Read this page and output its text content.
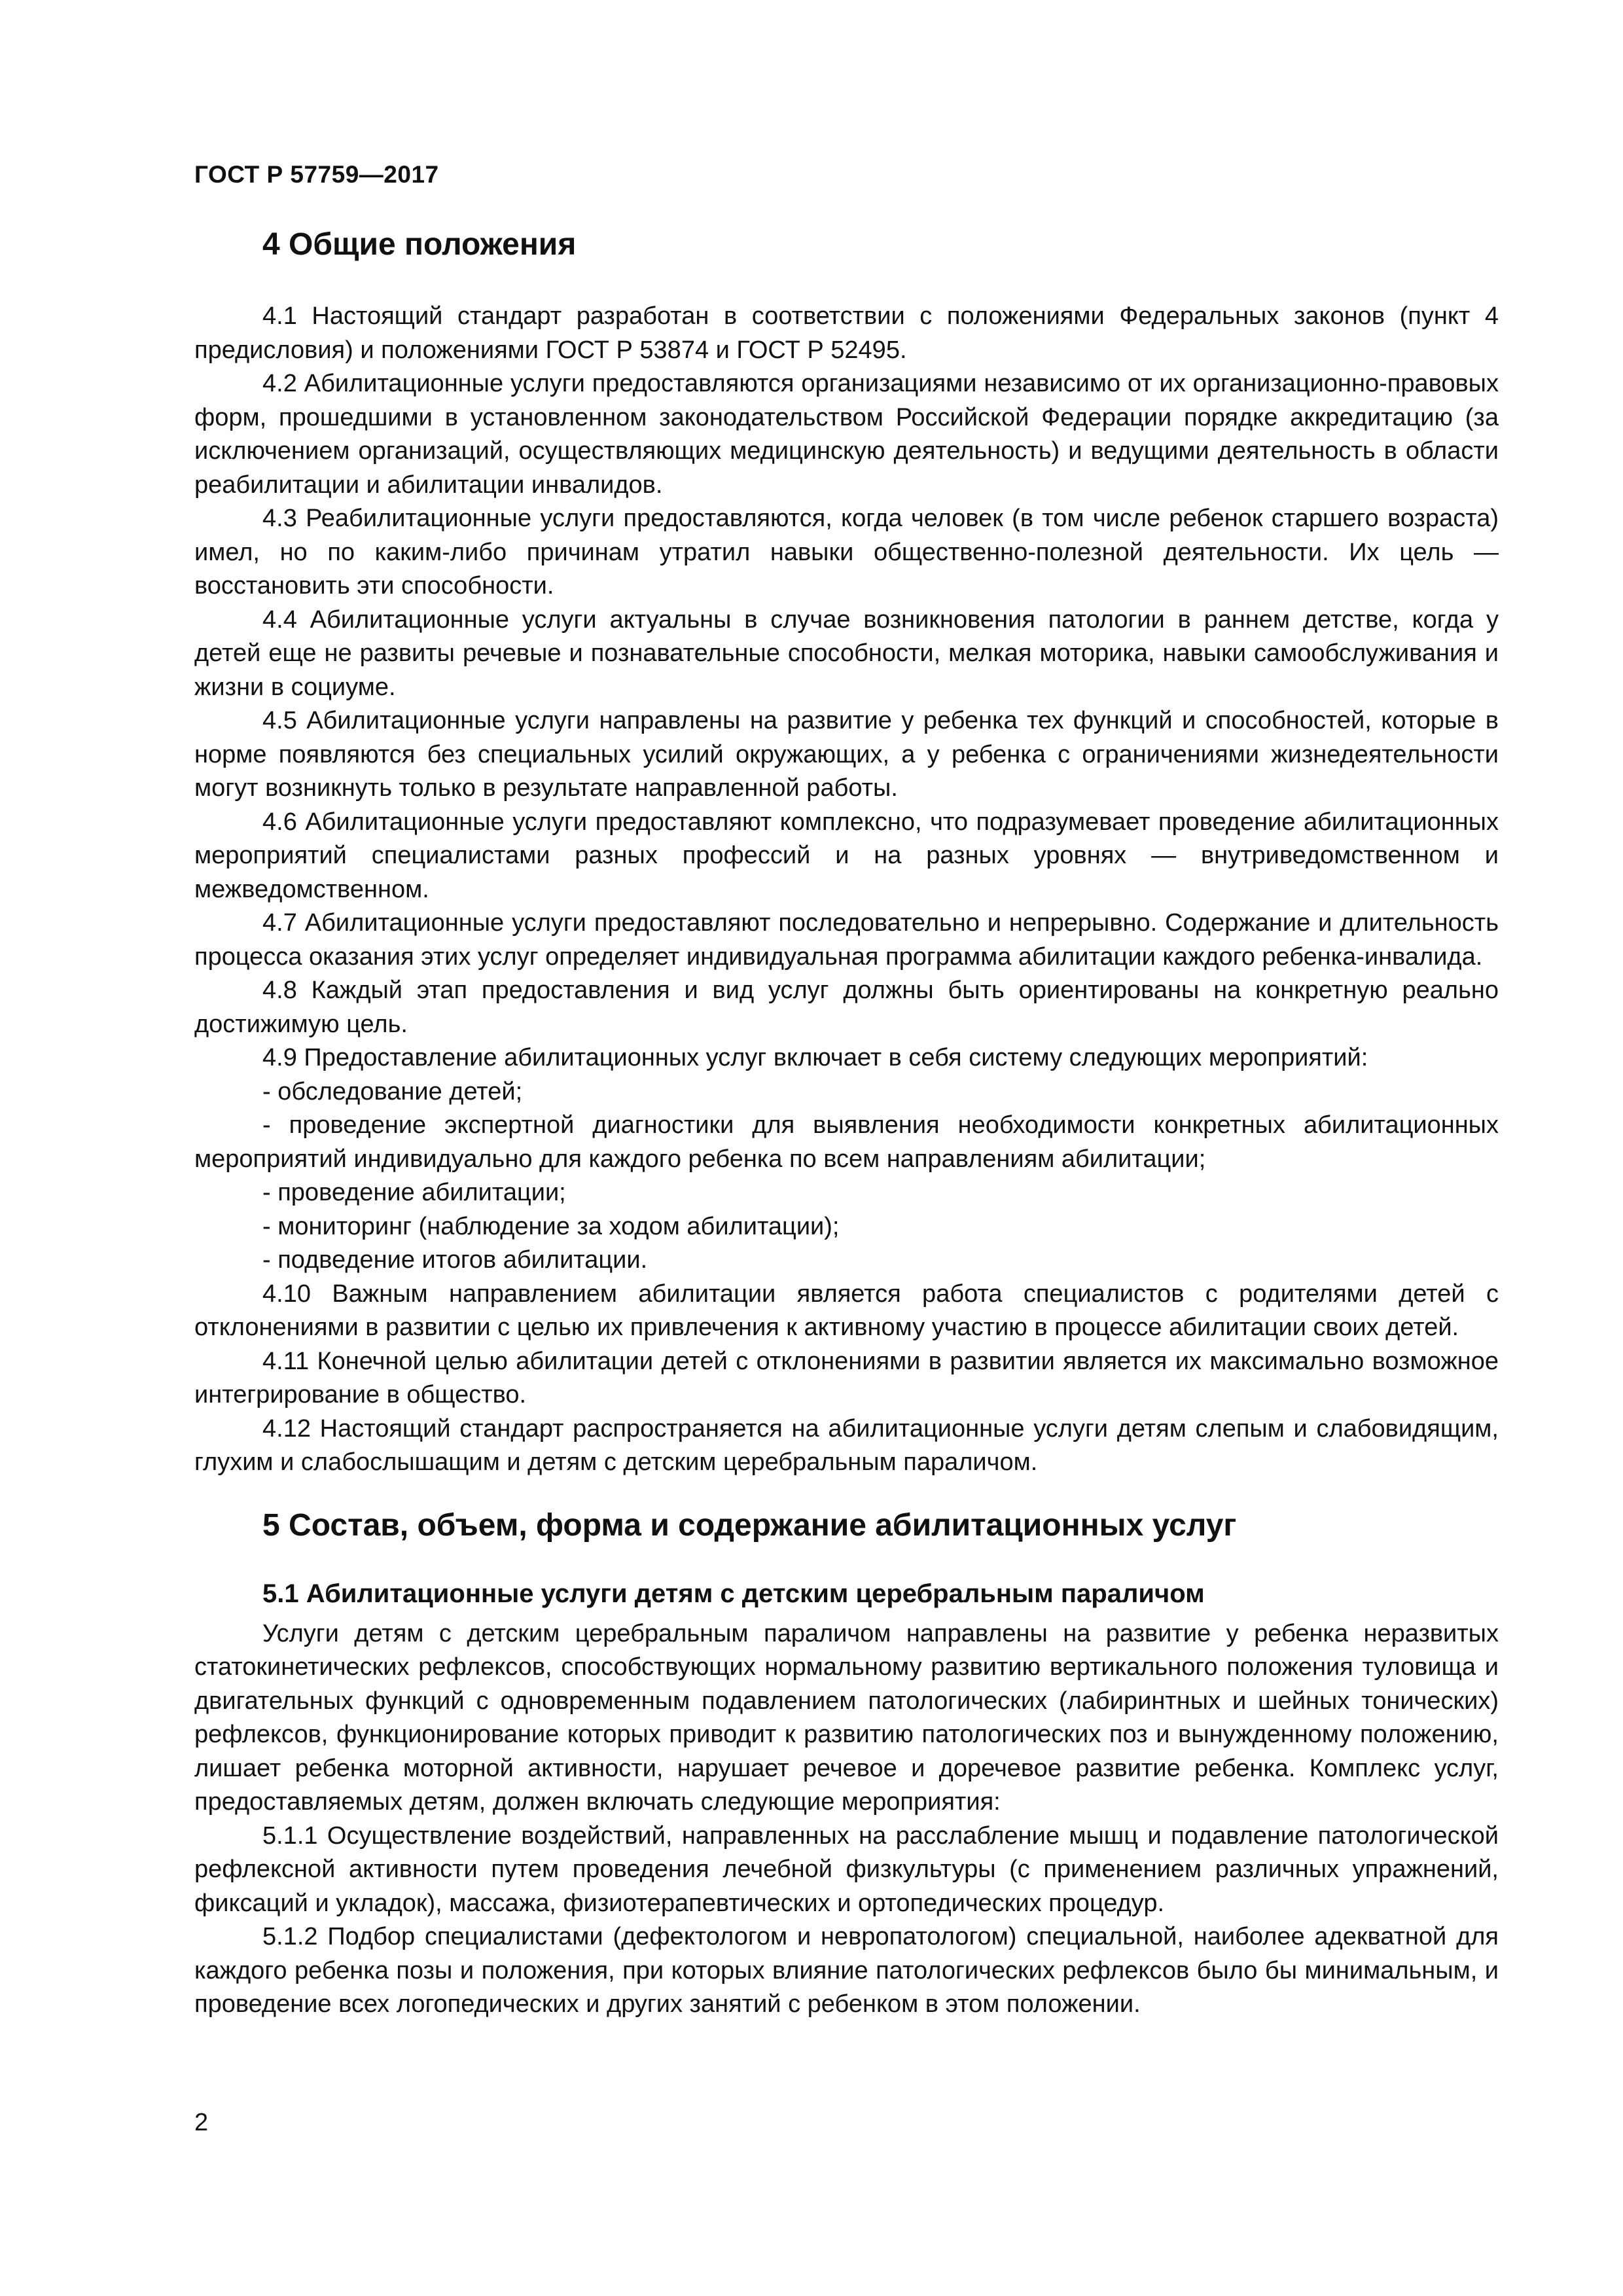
ГОСТ Р 57759—2017
4 Общие положения

4.1 Настоящий стандарт разработан в соответствии с положениями Федеральных законов (пункт 4 предисловия) и положениями ГОСТ Р 53874 и ГОСТ Р 52495.

4.2 Абилитационные услуги предоставляются организациями независимо от их организационно-правовых форм, прошедшими в установленном законодательством Российской Федерации порядке аккредитацию (за исключением организаций, осуществляющих медицинскую деятельность) и ведущими деятельность в области реабилитации и абилитации инвалидов.

4.3 Реабилитационные услуги предоставляются, когда человек (в том числе ребенок старшего возраста) имел, но по каким-либо причинам утратил навыки общественно-полезной деятельности. Их цель — восстановить эти способности.

4.4 Абилитационные услуги актуальны в случае возникновения патологии в раннем детстве, когда у детей еще не развиты речевые и познавательные способности, мелкая моторика, навыки самообслуживания и жизни в социуме.

4.5 Абилитационные услуги направлены на развитие у ребенка тех функций и способностей, которые в норме появляются без специальных усилий окружающих, а у ребенка с ограничениями жизнедеятельности могут возникнуть только в результате направленной работы.

4.6 Абилитационные услуги предоставляют комплексно, что подразумевает проведение абилитационных мероприятий специалистами разных профессий и на разных уровнях — внутриведомственном и межведомственном.

4.7 Абилитационные услуги предоставляют последовательно и непрерывно. Содержание и длительность процесса оказания этих услуг определяет индивидуальная программа абилитации каждого ребенка-инвалида.

4.8 Каждый этап предоставления и вид услуг должны быть ориентированы на конкретную реально достижимую цель.

4.9 Предоставление абилитационных услуг включает в себя систему следующих мероприятий:

- обследование детей;
- проведение экспертной диагностики для выявления необходимости конкретных абилитационных мероприятий индивидуально для каждого ребенка по всем направлениям абилитации;
- проведение абилитации;
- мониторинг (наблюдение за ходом абилитации);
- подведение итогов абилитации.

4.10 Важным направлением абилитации является работа специалистов с родителями детей с отклонениями в развитии с целью их привлечения к активному участию в процессе абилитации своих детей.

4.11 Конечной целью абилитации детей с отклонениями в развитии является их максимально возможное интегрирование в общество.

4.12 Настоящий стандарт распространяется на абилитационные услуги детям слепым и слабовидящим, глухим и слабослышащим и детям с детским церебральным параличом.

5 Состав, объем, форма и содержание абилитационных услуг
5.1 Абилитационные услуги детям с детским церебральным параличом

Услуги детям с детским церебральным параличом направлены на развитие у ребенка неразвитых статокинетических рефлексов, способствующих нормальному развитию вертикального положения туловища и двигательных функций с одновременным подавлением патологических (лабиринтных и шейных тонических) рефлексов, функционирование которых приводит к развитию патологических поз и вынужденному положению, лишает ребенка моторной активности, нарушает речевое и доречевое развитие ребенка. Комплекс услуг, предоставляемых детям, должен включать следующие мероприятия:

5.1.1 Осуществление воздействий, направленных на расслабление мышц и подавление патологической рефлексной активности путем проведения лечебной физкультуры (с применением различных упражнений, фиксаций и укладок), массажа, физиотерапевтических и ортопедических процедур.

5.1.2 Подбор специалистами (дефектологом и невропатологом) специальной, наиболее адекватной для каждого ребенка позы и положения, при которых влияние патологических рефлексов было бы минимальным, и проведение всех логопедических и других занятий с ребенком в этом положении.

2
